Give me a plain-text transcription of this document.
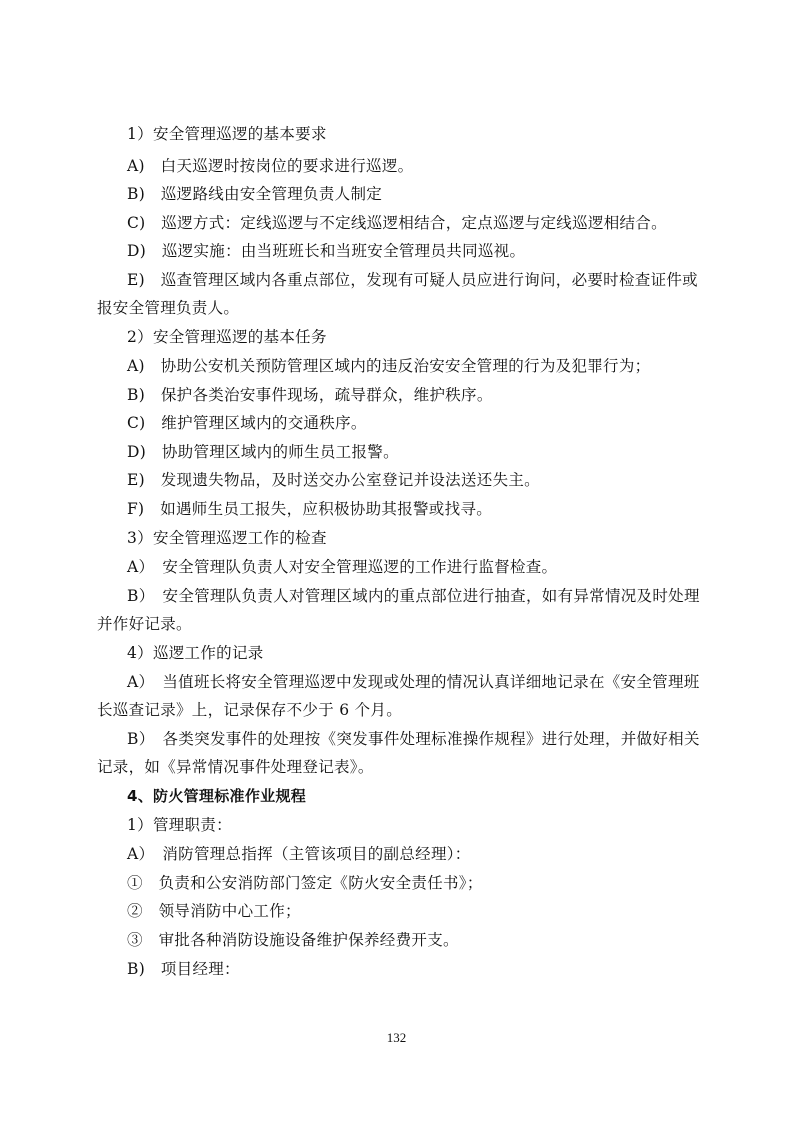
1）安全管理巡逻的基本要求
A)　白天巡逻时按岗位的要求进行巡逻。
B)　巡逻路线由安全管理负责人制定
C)　巡逻方式：定线巡逻与不定线巡逻相结合，定点巡逻与定线巡逻相结合。
D)　巡逻实施：由当班班长和当班安全管理员共同巡视。
E)　巡查管理区域内各重点部位，发现有可疑人员应进行询问，必要时检查证件或
报安全管理负责人。
2）安全管理巡逻的基本任务
A)　协助公安机关预防管理区域内的违反治安安全管理的行为及犯罪行为；
B)　保护各类治安事件现场，疏导群众，维护秩序。
C)　维护管理区域内的交通秩序。
D)　协助管理区域内的师生员工报警。
E)　发现遗失物品，及时送交办公室登记并设法送还失主。
F)　如遇师生员工报失，应积极协助其报警或找寻。
3）安全管理巡逻工作的检查
A）　安全管理队负责人对安全管理巡逻的工作进行监督检查。
B）　安全管理队负责人对管理区域内的重点部位进行抽查，如有异常情况及时处理
并作好记录。
4）巡逻工作的记录
A）　当值班长将安全管理巡逻中发现或处理的情况认真详细地记录在《安全管理班
长巡查记录》上，记录保存不少于 6 个月。
B）　各类突发事件的处理按《突发事件处理标准操作规程》进行处理，并做好相关
记录，如《异常情况事件处理登记表》。
4、防火管理标准作业规程
1）管理职责：
A）　消防管理总指挥（主管该项目的副总经理）：
①　负责和公安消防部门签定《防火安全责任书》；
②　领导消防中心工作；
③　审批各种消防设施设备维护保养经费开支。
B)　项目经理：
132
